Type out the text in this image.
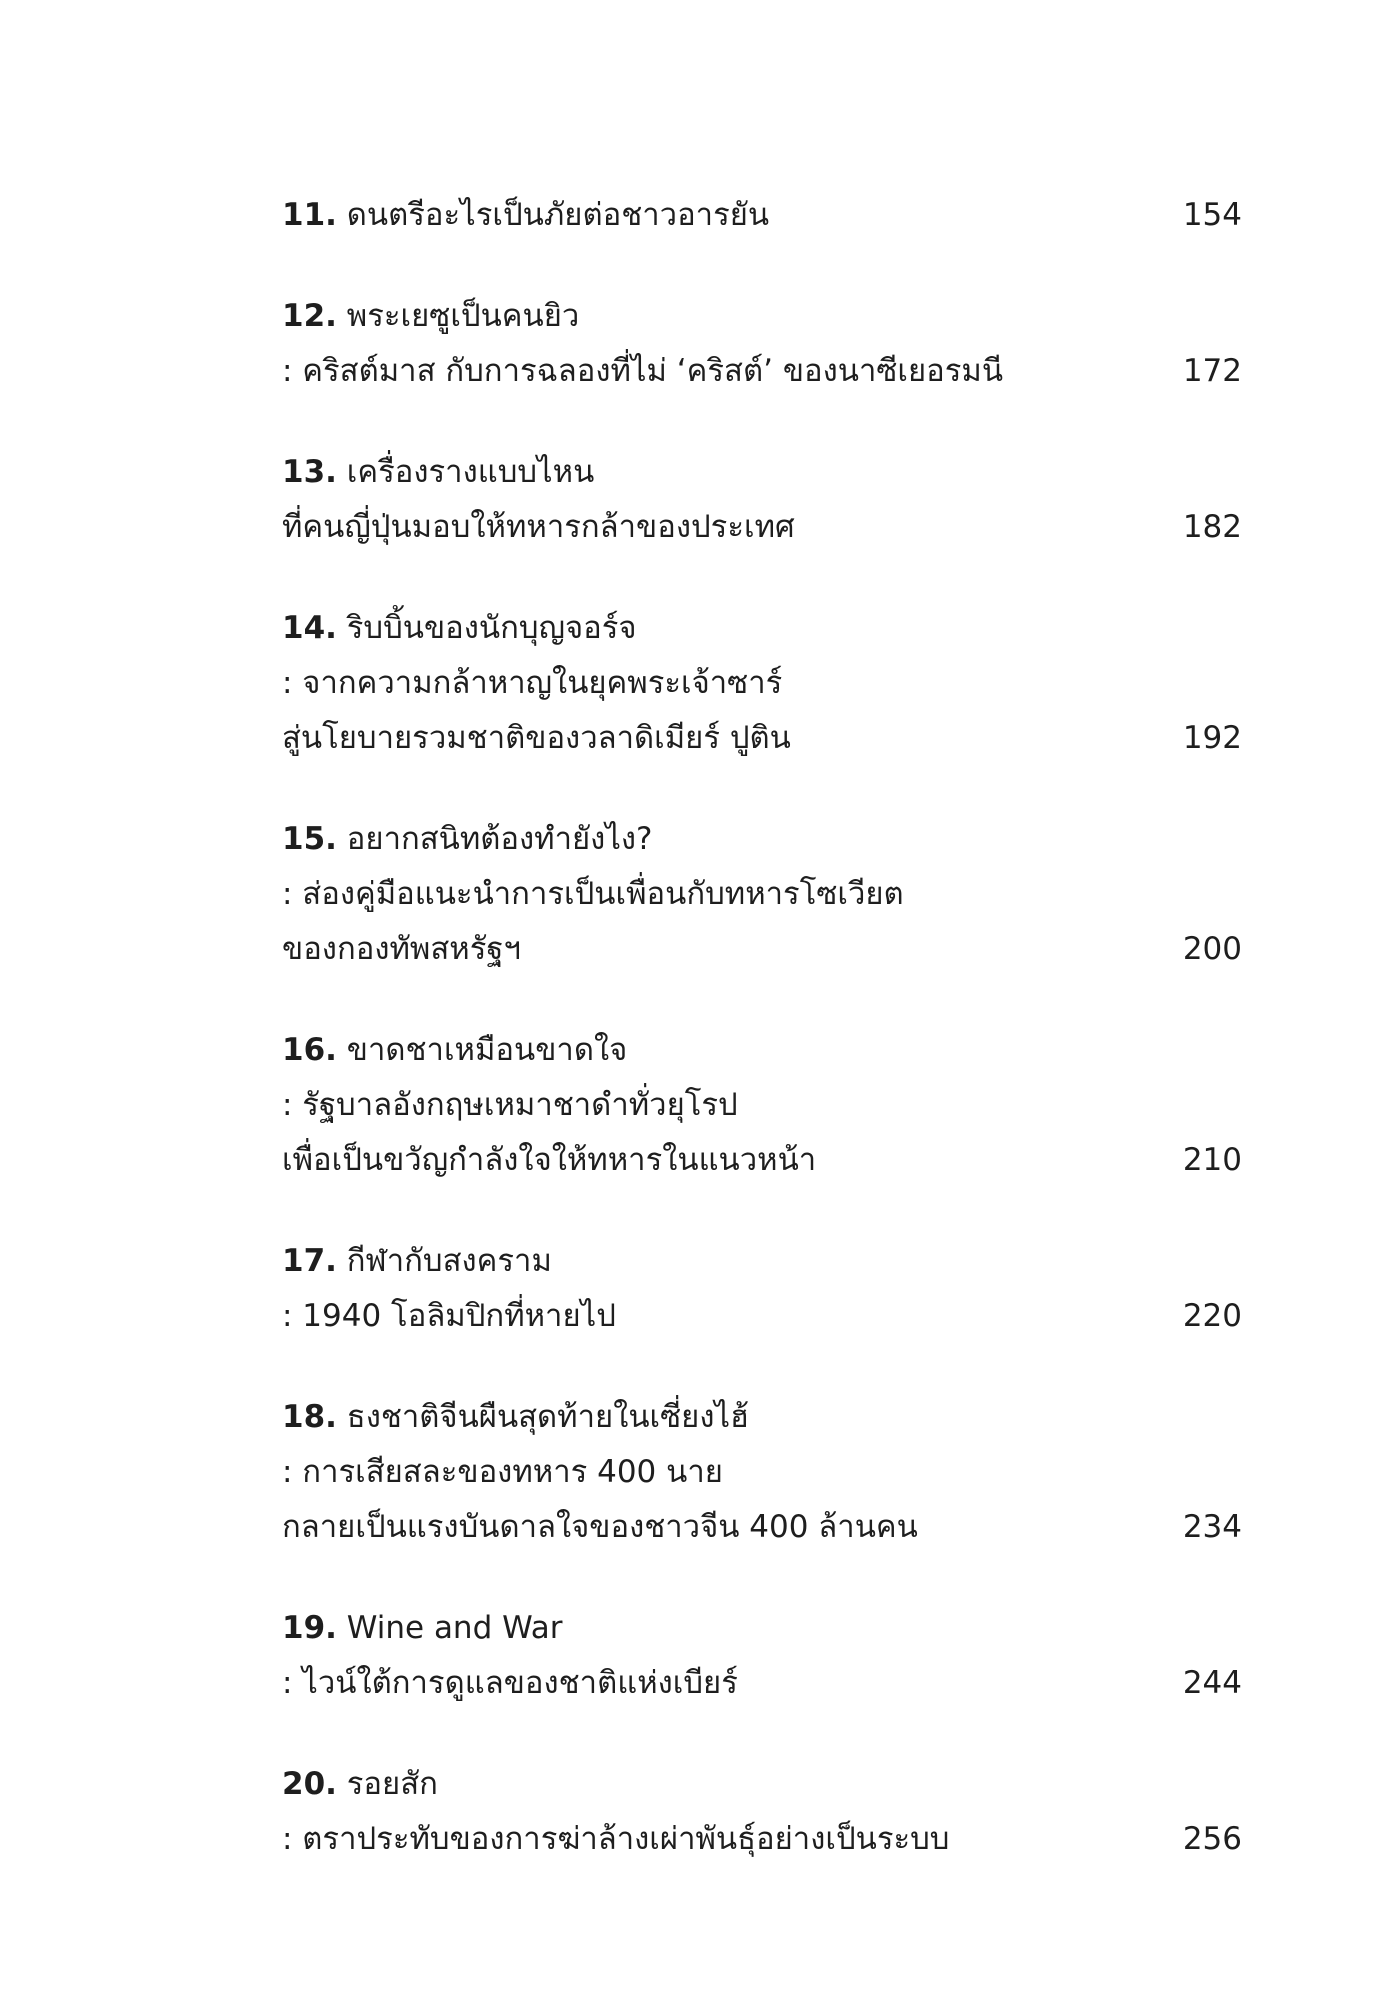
11. ดนตรีอะไรเป็นภัยต่อชาวอารยัน	154
12. พระเยซูเป็นคนยิว
: คริสต์มาส กับการฉลองที่ไม่ ‘คริสต์’ ของนาซีเยอรมนี	172
13. เครื่องรางแบบไหน
ที่คนญี่ปุ่นมอบให้ทหารกล้าของประเทศ	182
14. ริบบิ้นของนักบุญจอร์จ
: จากความกล้าหาญในยุคพระเจ้าซาร์
สู่นโยบายรวมชาติของวลาดิเมียร์ ปูติน	192
15. อยากสนิทต้องทำยังไง?
: ส่องคู่มือแนะนำการเป็นเพื่อนกับทหารโซเวียต
ของกองทัพสหรัฐฯ	200
16. ขาดชาเหมือนขาดใจ
: รัฐบาลอังกฤษเหมาชาดำทั่วยุโรป
เพื่อเป็นขวัญกำลังใจให้ทหารในแนวหน้า	210
17. กีฬากับสงคราม
: 1940 โอลิมปิกที่หายไป	220
18. ธงชาติจีนผืนสุดท้ายในเซี่ยงไฮ้
: การเสียสละของทหาร 400 นาย
กลายเป็นแรงบันดาลใจของชาวจีน 400 ล้านคน	234
19. Wine and War
: ไวน์ใต้การดูแลของชาติแห่งเบียร์	244
20. รอยสัก
: ตราประทับของการฆ่าล้างเผ่าพันธุ์อย่างเป็นระบบ	256
